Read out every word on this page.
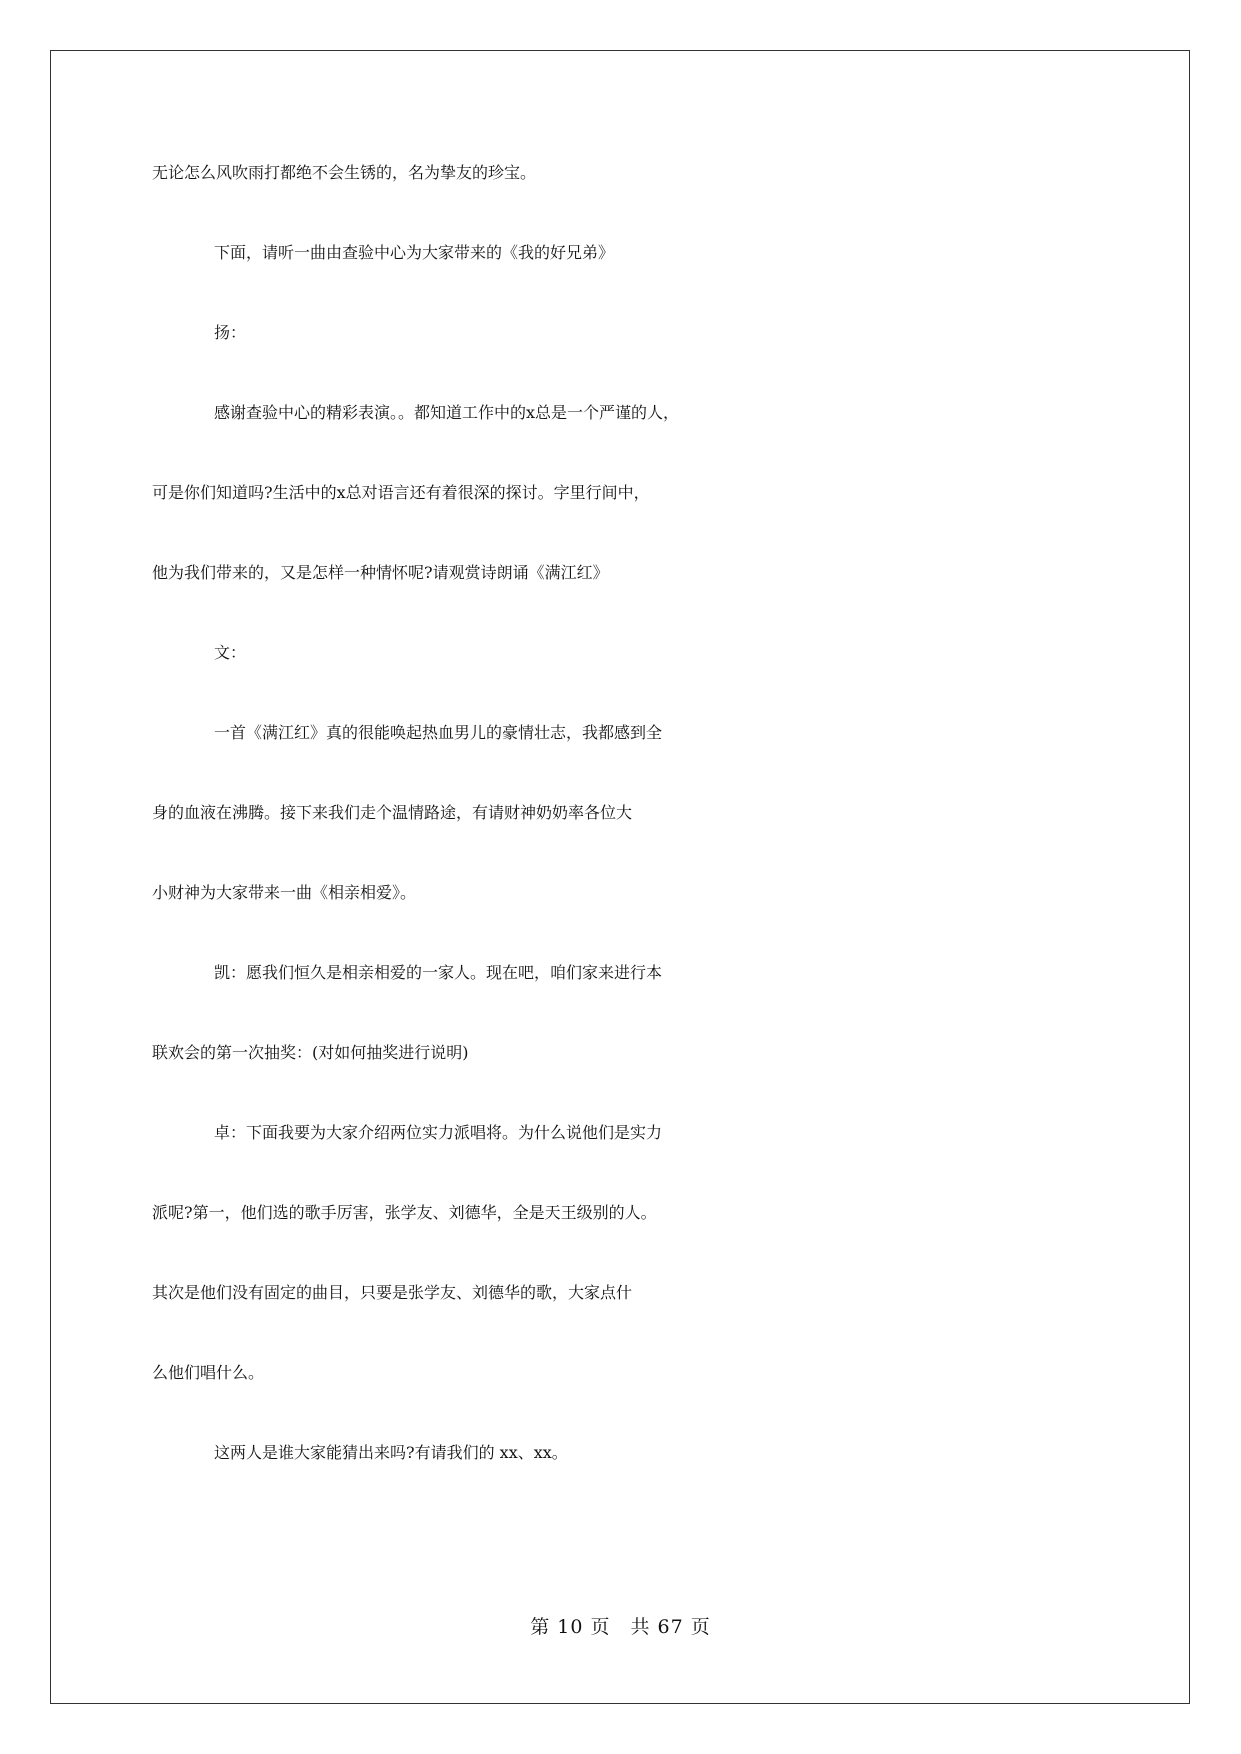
无论怎么风吹雨打都绝不会生锈的，名为挚友的珍宝。
下面，请听一曲由查验中心为大家带来的《我的好兄弟》
扬：
感谢查验中心的精彩表演。。都知道工作中的x总是一个严谨的人，
可是你们知道吗?生活中的x总对语言还有着很深的探讨。字里行间中，
他为我们带来的，又是怎样一种情怀呢?请观赏诗朗诵《满江红》
文：
一首《满江红》真的很能唤起热血男儿的豪情壮志，我都感到全
身的血液在沸腾。接下来我们走个温情路途，有请财神奶奶率各位大
小财神为大家带来一曲《相亲相爱》。
凯：愿我们恒久是相亲相爱的一家人。现在吧，咱们家来进行本
联欢会的第一次抽奖：(对如何抽奖进行说明)
卓：下面我要为大家介绍两位实力派唱将。为什么说他们是实力
派呢?第一，他们选的歌手厉害，张学友、刘德华，全是天王级别的人。
其次是他们没有固定的曲目，只要是张学友、刘德华的歌，大家点什
么他们唱什么。
这两人是谁大家能猜出来吗?有请我们的 xx、xx。
第 10 页　共 67 页
